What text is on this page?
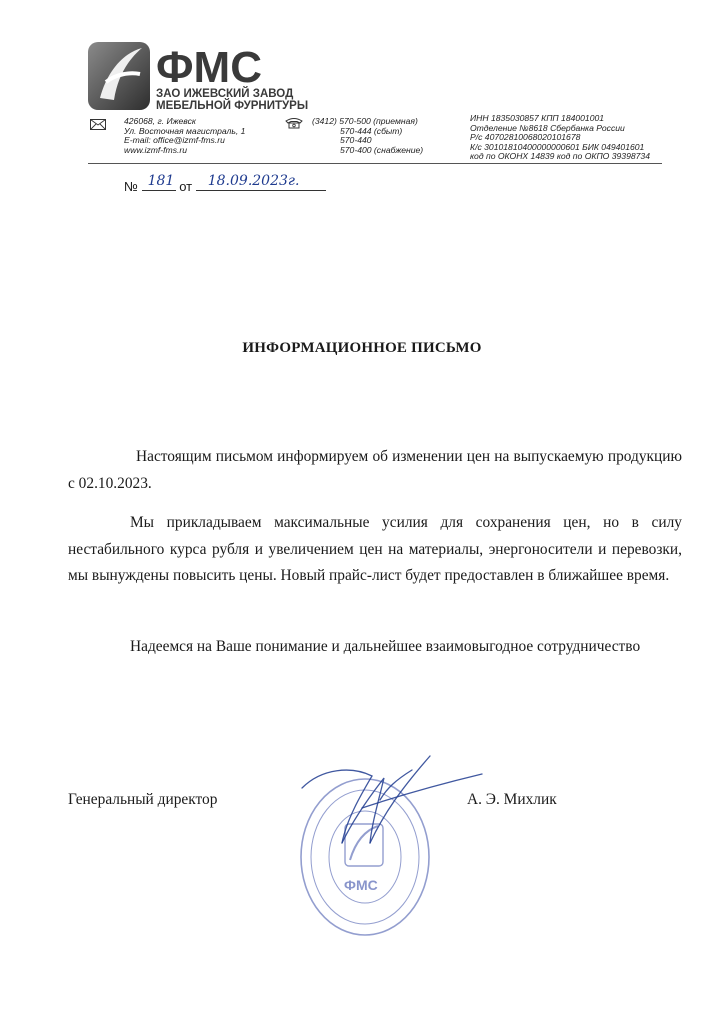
ФМС
ЗАО ИЖЕВСКИЙ ЗАВОД
МЕБЕЛЬНОЙ ФУРНИТУРЫ
426068, г. Ижевск
Ул. Восточная магистраль, 1
E-mail: office@izmf-fms.ru
www.izmf-fms.ru
(3412) 570-500 (приемная)
570-444 (сбыт)
570-440
570-400 (снабжение)
ИНН 1835030857 КПП 184001001
Отделение №8618 Сбербанка России
Р/с 40702810068020101678
К/с 30101810400000000601 БИК 049401601
код по ОКОНХ 14839 код по ОКПО 39398734
№ 181 от 18.09.2023г.
ИНФОРМАЦИОННОЕ ПИСЬМО
Настоящим письмом информируем об изменении цен на выпускаемую продукцию с 02.10.2023.
Мы прикладываем максимальные усилия для сохранения цен, но в силу нестабильного курса рубля и увеличением цен на материалы, энергоносители и перевозки, мы вынуждены повысить цены. Новый прайс-лист будет предоставлен в ближайшее время.
Надеемся на Ваше понимание и дальнейшее взаимовыгодное сотрудничество
ФМС
Генеральный директор	А. Э. Михлик
